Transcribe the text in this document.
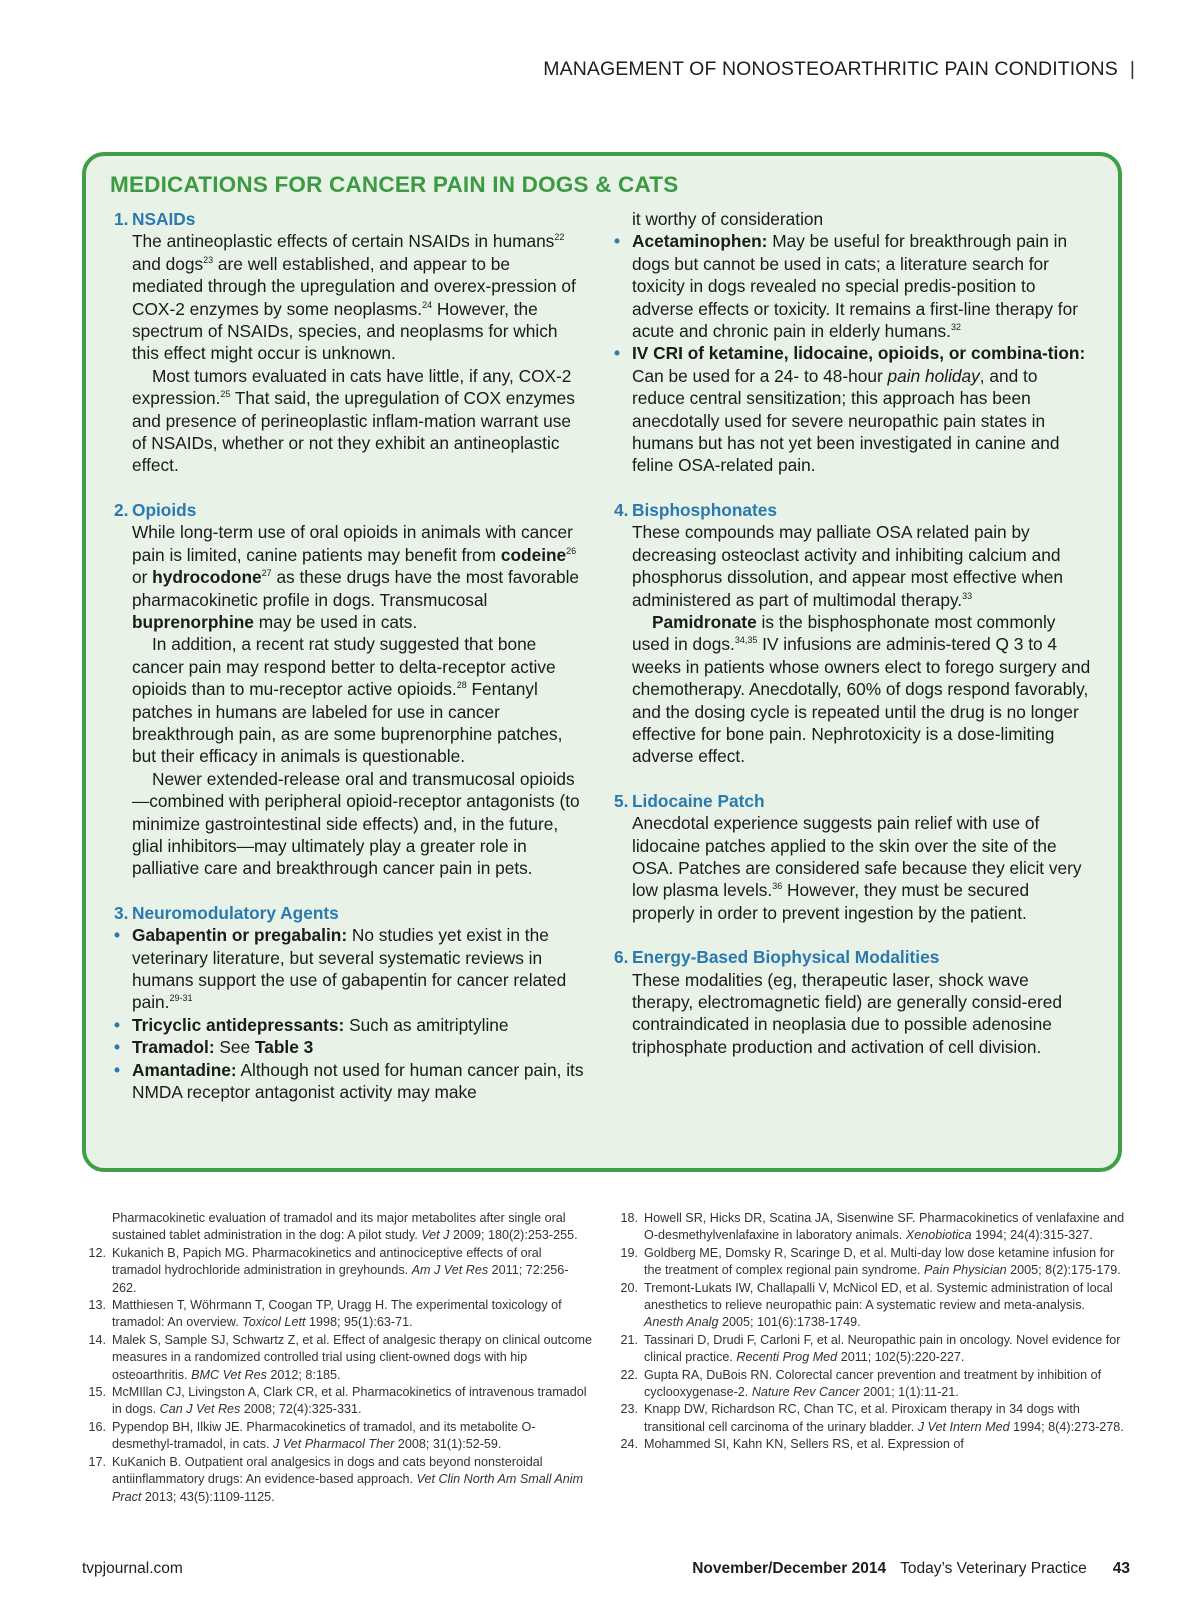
MANAGEMENT OF NONOSTEOARTHRITIC PAIN CONDITIONS |
MEDICATIONS FOR CANCER PAIN IN DOGS & CATS
1. NSAIDs
The antineoplastic effects of certain NSAIDs in humans$^{22}$ and dogs$^{23}$ are well established, and appear to be mediated through the upregulation and overex-pression of COX-2 enzymes by some neoplasms.$^{24}$ However, the spectrum of NSAIDs, species, and neoplasms for which this effect might occur is unknown.
Most tumors evaluated in cats have little, if any, COX-2 expression.$^{25}$ That said, the upregulation of COX enzymes and presence of perineoplastic inflam-mation warrant use of NSAIDs, whether or not they exhibit an antineoplastic effect.
2. Opioids
While long-term use of oral opioids in animals with cancer pain is limited, canine patients may benefit from codeine$^{26}$ or hydrocodone$^{27}$ as these drugs have the most favorable pharmacokinetic profile in dogs. Transmucosal buprenorphine may be used in cats.
In addition, a recent rat study suggested that bone cancer pain may respond better to delta-receptor active opioids than to mu-receptor active opioids.$^{28}$ Fentanyl patches in humans are labeled for use in cancer breakthrough pain, as are some buprenorphine patches, but their efficacy in animals is questionable.
Newer extended-release oral and transmucosal opioids—combined with peripheral opioid-receptor antagonists (to minimize gastrointestinal side effects) and, in the future, glial inhibitors—may ultimately play a greater role in palliative care and breakthrough cancer pain in pets.
3. Neuromodulatory Agents
• Gabapentin or pregabalin: No studies yet exist in the veterinary literature, but several systematic reviews in humans support the use of gabapentin for cancer related pain.$^{29-31}$
• Tricyclic antidepressants: Such as amitriptyline
• Tramadol: See Table 3
• Amantadine: Although not used for human cancer pain, its NMDA receptor antagonist activity may make
it worthy of consideration
• Acetaminophen: May be useful for breakthrough pain in dogs but cannot be used in cats; a literature search for toxicity in dogs revealed no special predis-position to adverse effects or toxicity. It remains a first-line therapy for acute and chronic pain in elderly humans.$^{32}$
• IV CRI of ketamine, lidocaine, opioids, or combina-tion: Can be used for a 24- to 48-hour pain holiday, and to reduce central sensitization; this approach has been anecdotally used for severe neuropathic pain states in humans but has not yet been investigated in canine and feline OSA-related pain.
4. Bisphosphonates
These compounds may palliate OSA related pain by decreasing osteoclast activity and inhibiting calcium and phosphorus dissolution, and appear most effective when administered as part of multimodal therapy.$^{33}$
Pamidronate is the bisphosphonate most commonly used in dogs.$^{34,35}$ IV infusions are adminis-tered Q 3 to 4 weeks in patients whose owners elect to forego surgery and chemotherapy. Anecdotally, 60% of dogs respond favorably, and the dosing cycle is repeated until the drug is no longer effective for bone pain. Nephrotoxicity is a dose-limiting adverse effect.
5. Lidocaine Patch
Anecdotal experience suggests pain relief with use of lidocaine patches applied to the skin over the site of the OSA. Patches are considered safe because they elicit very low plasma levels.$^{36}$ However, they must be secured properly in order to prevent ingestion by the patient.
6. Energy-Based Biophysical Modalities
These modalities (eg, therapeutic laser, shock wave therapy, electromagnetic field) are generally consid-ered contraindicated in neoplasia due to possible adenosine triphosphate production and activation of cell division.
Pharmacokinetic evaluation of tramadol and its major metabolites after single oral sustained tablet administration in the dog: A pilot study. Vet J 2009; 180(2):253-255.
12. Kukanich B, Papich MG. Pharmacokinetics and antinociceptive effects of oral tramadol hydrochloride administration in greyhounds. Am J Vet Res 2011; 72:256-262.
13. Matthiesen T, Wöhrmann T, Coogan TP, Uragg H. The experimental toxicology of tramadol: An overview. Toxicol Lett 1998; 95(1):63-71.
14. Malek S, Sample SJ, Schwartz Z, et al. Effect of analgesic therapy on clinical outcome measures in a randomized controlled trial using client-owned dogs with hip osteoarthritis. BMC Vet Res 2012; 8:185.
15. McMIllan CJ, Livingston A, Clark CR, et al. Pharmacokinetics of intravenous tramadol in dogs. Can J Vet Res 2008; 72(4):325-331.
16. Pypendop BH, Ilkiw JE. Pharmacokinetics of tramadol, and its metabolite O-desmethyl-tramadol, in cats. J Vet Pharmacol Ther 2008; 31(1):52-59.
17. KuKanich B. Outpatient oral analgesics in dogs and cats beyond nonsteroidal antiinflammatory drugs: An evidence-based approach. Vet Clin North Am Small Anim Pract 2013; 43(5):1109-1125.
18. Howell SR, Hicks DR, Scatina JA, Sisenwine SF. Pharmacokinetics of venlafaxine and O-desmethylvenlafaxine in laboratory animals. Xenobiotica 1994; 24(4):315-327.
19. Goldberg ME, Domsky R, Scaringe D, et al. Multi-day low dose ketamine infusion for the treatment of complex regional pain syndrome. Pain Physician 2005; 8(2):175-179.
20. Tremont-Lukats IW, Challapalli V, McNicol ED, et al. Systemic administration of local anesthetics to relieve neuropathic pain: A systematic review and meta-analysis. Anesth Analg 2005; 101(6):1738-1749.
21. Tassinari D, Drudi F, Carloni F, et al. Neuropathic pain in oncology. Novel evidence for clinical practice. Recenti Prog Med 2011; 102(5):220-227.
22. Gupta RA, DuBois RN. Colorectal cancer prevention and treatment by inhibition of cyclooxygenase-2. Nature Rev Cancer 2001; 1(1):11-21.
23. Knapp DW, Richardson RC, Chan TC, et al. Piroxicam therapy in 34 dogs with transitional cell carcinoma of the urinary bladder. J Vet Intern Med 1994; 8(4):273-278.
24. Mohammed SI, Kahn KN, Sellers RS, et al. Expression of
tvpjournal.com	November/December 2014 Today’s Veterinary Practice 43
